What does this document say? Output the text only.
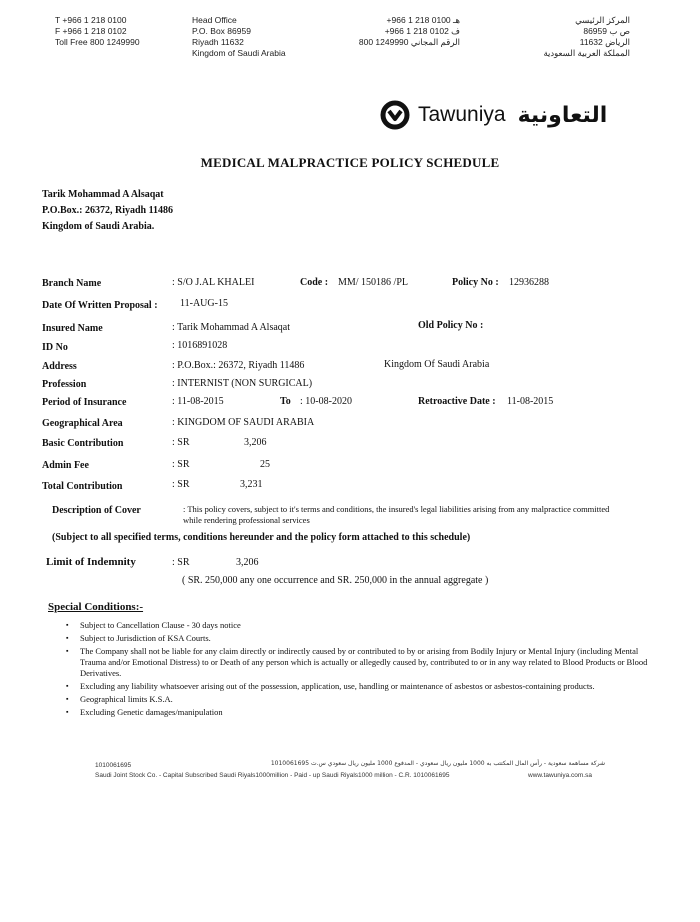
T +966 1 218 0100
F +966 1 218 0102
Toll Free 800 1249990
Head Office
P.O. Box 86959
Riyadh 11632
Kingdom of Saudi Arabia
هـ 0100 218 1 966+
ف 0102 218 1 966+
الرقم المجاني 1249990 800
المركز الرئيسي
ص ب 86959
الرياض 11632
المملكة العربية السعودية
Tawuniya التعاونية
MEDICAL MALPRACTICE POLICY SCHEDULE
Tarik Mohammad A Alsaqat
P.O.Box.: 26372, Riyadh 11486
Kingdom of Saudi Arabia.
Branch Name	: S/O J.AL KHALEI	Code : MM/ 150186 /PL	Policy No : 12936288
Date Of Written Proposal : 11-AUG-15
Insured Name	: Tarik Mohammad A Alsaqat	Old Policy No :
ID No	: 1016891028
Address	: P.O.Box.: 26372, Riyadh 11486	Kingdom Of Saudi Arabia
Profession	: INTERNIST (NON SURGICAL)
Period of Insurance	: 11-08-2015	To : 10-08-2020	Retroactive Date : 11-08-2015
Geographical Area	: KINGDOM OF SAUDI ARABIA
Basic Contribution	: SR	3,206
Admin Fee	: SR	25
Total Contribution	: SR	3,231
Description of Cover	: This policy covers, subject to it's terms and conditions, the insured's legal liabilities arising from any malpractice committed while rendering professional services
(Subject to all specified terms, conditions hereunder and the policy form attached to this schedule)
Limit of Indemnity	: SR	3,206
( SR. 250,000 any one occurrence and SR. 250,000 in the annual aggregate )
Special Conditions:-
▪ Subject to Cancellation Clause - 30 days notice
▪ Subject to Jurisdiction of KSA Courts.
▪ The Company shall not be liable for any claim directly or indirectly caused by or contributed to by or arising from Bodily Injury or Mental Injury (including Mental Trauma and/or Emotional Distress) to or Death of any person which is actually or allegedly caused by, contributed to or in any way related to Blood Products or Blood Derivatives.
▪ Excluding any liability whatsoever arising out of the possession, application, use, handling or maintenance of asbestos or asbestos-containing products.
▪ Geographical limits K.S.A.
▪ Excluding Genetic damages/manipulation
شركة مساهمة سعودية - رأس المال المكتتب به 1000 مليون ريال سعودي - المدفوع 1000 مليون ريال سعودي س.ت 1010061695
1010061695
Saudi Joint Stock Co. - Capital Subscribed Saudi Riyals1000million - Paid - up Saudi Riyals1000 million - C.R. 1010061695	www.tawuniya.com.sa
